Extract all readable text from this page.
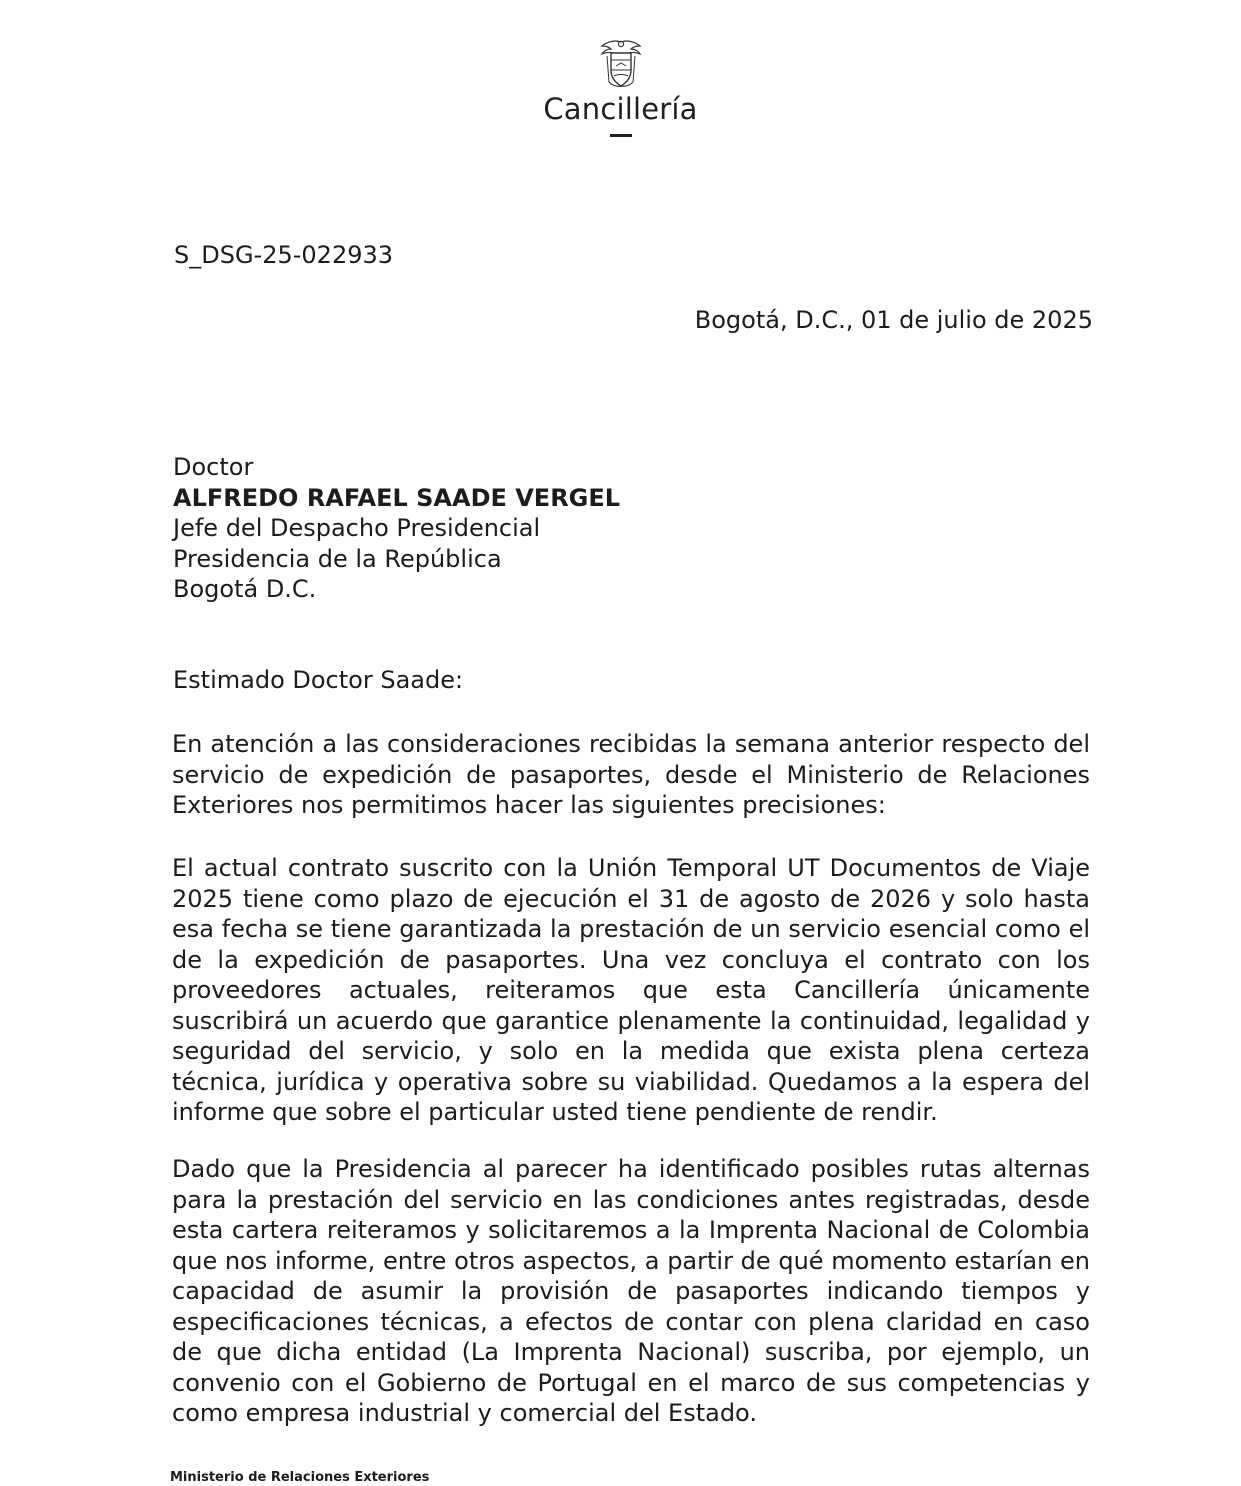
Cancillería
S_DSG-25-022933
Bogotá, D.C., 01 de julio de 2025
Doctor
ALFREDO RAFAEL SAADE VERGEL
Jefe del Despacho Presidencial
Presidencia de la República
Bogotá D.C.
Estimado Doctor Saade:

En atención a las consideraciones recibidas la semana anterior respecto del servicio de expedición de pasaportes, desde el Ministerio de Relaciones Exteriores nos permitimos hacer las siguientes precisiones:

El actual contrato suscrito con la Unión Temporal UT Documentos de Viaje 2025 tiene como plazo de ejecución el 31 de agosto de 2026 y solo hasta esa fecha se tiene garantizada la prestación de un servicio esencial como el de la expedición de pasaportes. Una vez concluya el contrato con los proveedores actuales, reiteramos que esta Cancillería únicamente suscribirá un acuerdo que garantice plenamente la continuidad, legalidad y seguridad del servicio, y solo en la medida que exista plena certeza técnica, jurídica y operativa sobre su viabilidad. Quedamos a la espera del informe que sobre el particular usted tiene pendiente de rendir.

Dado que la Presidencia al parecer ha identificado posibles rutas alternas para la prestación del servicio en las condiciones antes registradas, desde esta cartera reiteramos y solicitaremos a la Imprenta Nacional de Colombia que nos informe, entre otros aspectos, a partir de qué momento estarían en capacidad de asumir la provisión de pasaportes indicando tiempos y especificaciones técnicas, a efectos de contar con plena claridad en caso de que dicha entidad (La Imprenta Nacional) suscriba, por ejemplo, un convenio con el Gobierno de Portugal en el marco de sus competencias y como empresa industrial y comercial del Estado.

Ministerio de Relaciones Exteriores
